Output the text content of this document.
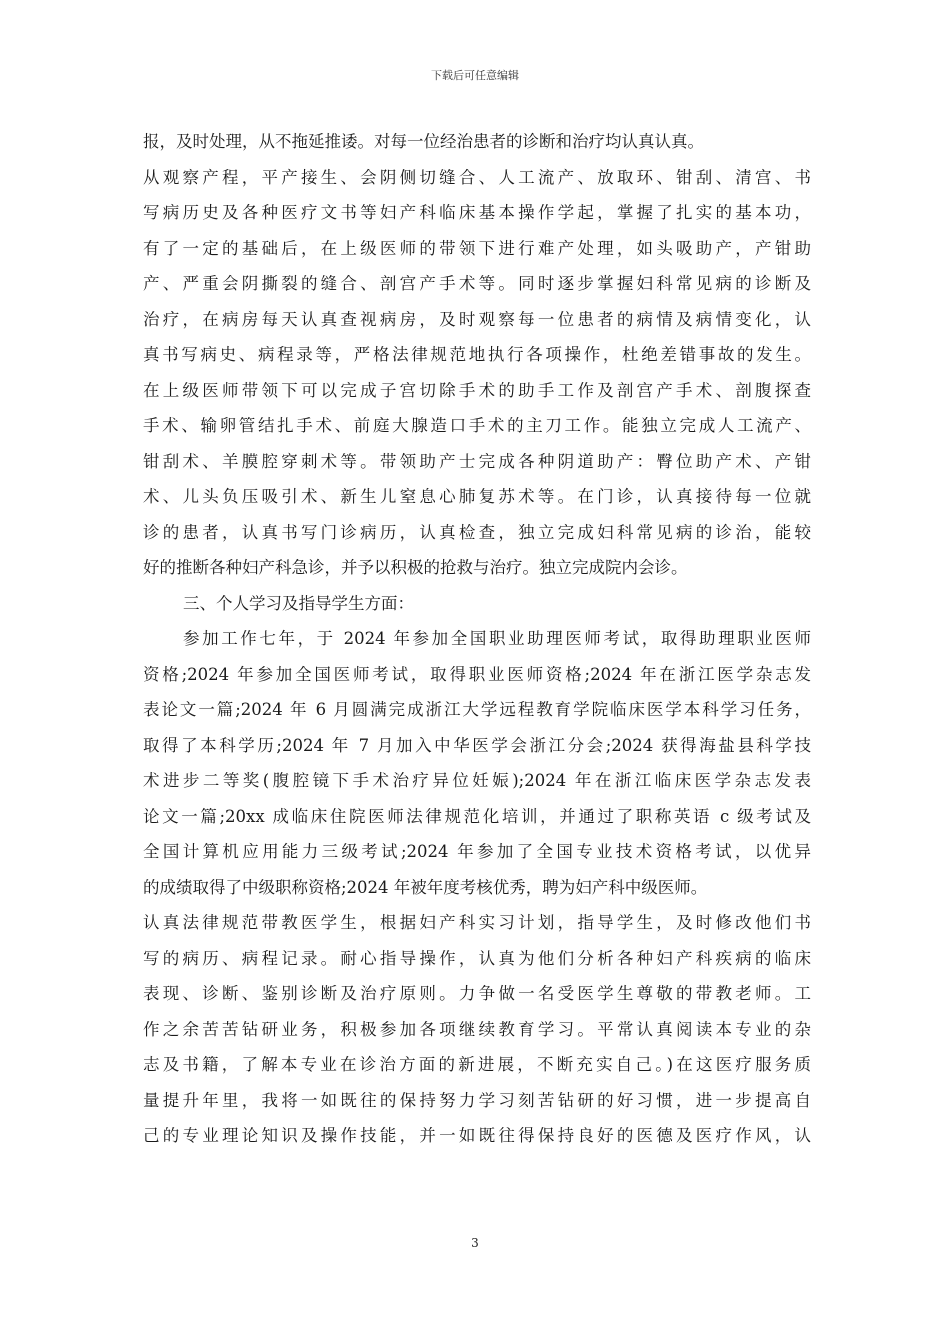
下载后可任意编辑
报，及时处理，从不拖延推诿。对每一位经治患者的诊断和治疗均认真认真。
从观察产程，平产接生、会阴侧切缝合、人工流产、放取环、钳刮、清宫、书
写病历史及各种医疗文书等妇产科临床基本操作学起，掌握了扎实的基本功，
有了一定的基础后，在上级医师的带领下进行难产处理，如头吸助产，产钳助
产、严重会阴撕裂的缝合、剖宫产手术等。同时逐步掌握妇科常见病的诊断及
治疗，在病房每天认真查视病房，及时观察每一位患者的病情及病情变化，认
真书写病史、病程录等，严格法律规范地执行各项操作，杜绝差错事故的发生。
在上级医师带领下可以完成子宫切除手术的助手工作及剖宫产手术、剖腹探查
手术、输卵管结扎手术、前庭大腺造口手术的主刀工作。能独立完成人工流产、
钳刮术、羊膜腔穿刺术等。带领助产士完成各种阴道助产：臀位助产术、产钳
术、儿头负压吸引术、新生儿窒息心肺复苏术等。在门诊，认真接待每一位就
诊的患者，认真书写门诊病历，认真检查，独立完成妇科常见病的诊治，能较
好的推断各种妇产科急诊，并予以积极的抢救与治疗。独立完成院内会诊。
三、个人学习及指导学生方面：
参加工作七年，于 2024 年参加全国职业助理医师考试，取得助理职业医师
资格;2024 年参加全国医师考试，取得职业医师资格;2024 年在浙江医学杂志发
表论文一篇;2024 年 6 月圆满完成浙江大学远程教育学院临床医学本科学习任务，
取得了本科学历;2024 年 7 月加入中华医学会浙江分会;2024 获得海盐县科学技
术进步二等奖(腹腔镜下手术治疗异位妊娠);2024 年在浙江临床医学杂志发表
论文一篇;20xx 成临床住院医师法律规范化培训，并通过了职称英语 c 级考试及
全国计算机应用能力三级考试;2024 年参加了全国专业技术资格考试，以优异
的成绩取得了中级职称资格;2024 年被年度考核优秀，聘为妇产科中级医师。
认真法律规范带教医学生，根据妇产科实习计划，指导学生，及时修改他们书
写的病历、病程记录。耐心指导操作，认真为他们分析各种妇产科疾病的临床
表现、诊断、鉴别诊断及治疗原则。力争做一名受医学生尊敬的带教老师。工
作之余苦苦钻研业务，积极参加各项继续教育学习。平常认真阅读本专业的杂
志及书籍，了解本专业在诊治方面的新进展，不断充实自己。)在这医疗服务质
量提升年里，我将一如既往的保持努力学习刻苦钻研的好习惯，进一步提高自
己的专业理论知识及操作技能，并一如既往得保持良好的医德及医疗作风，认
3
